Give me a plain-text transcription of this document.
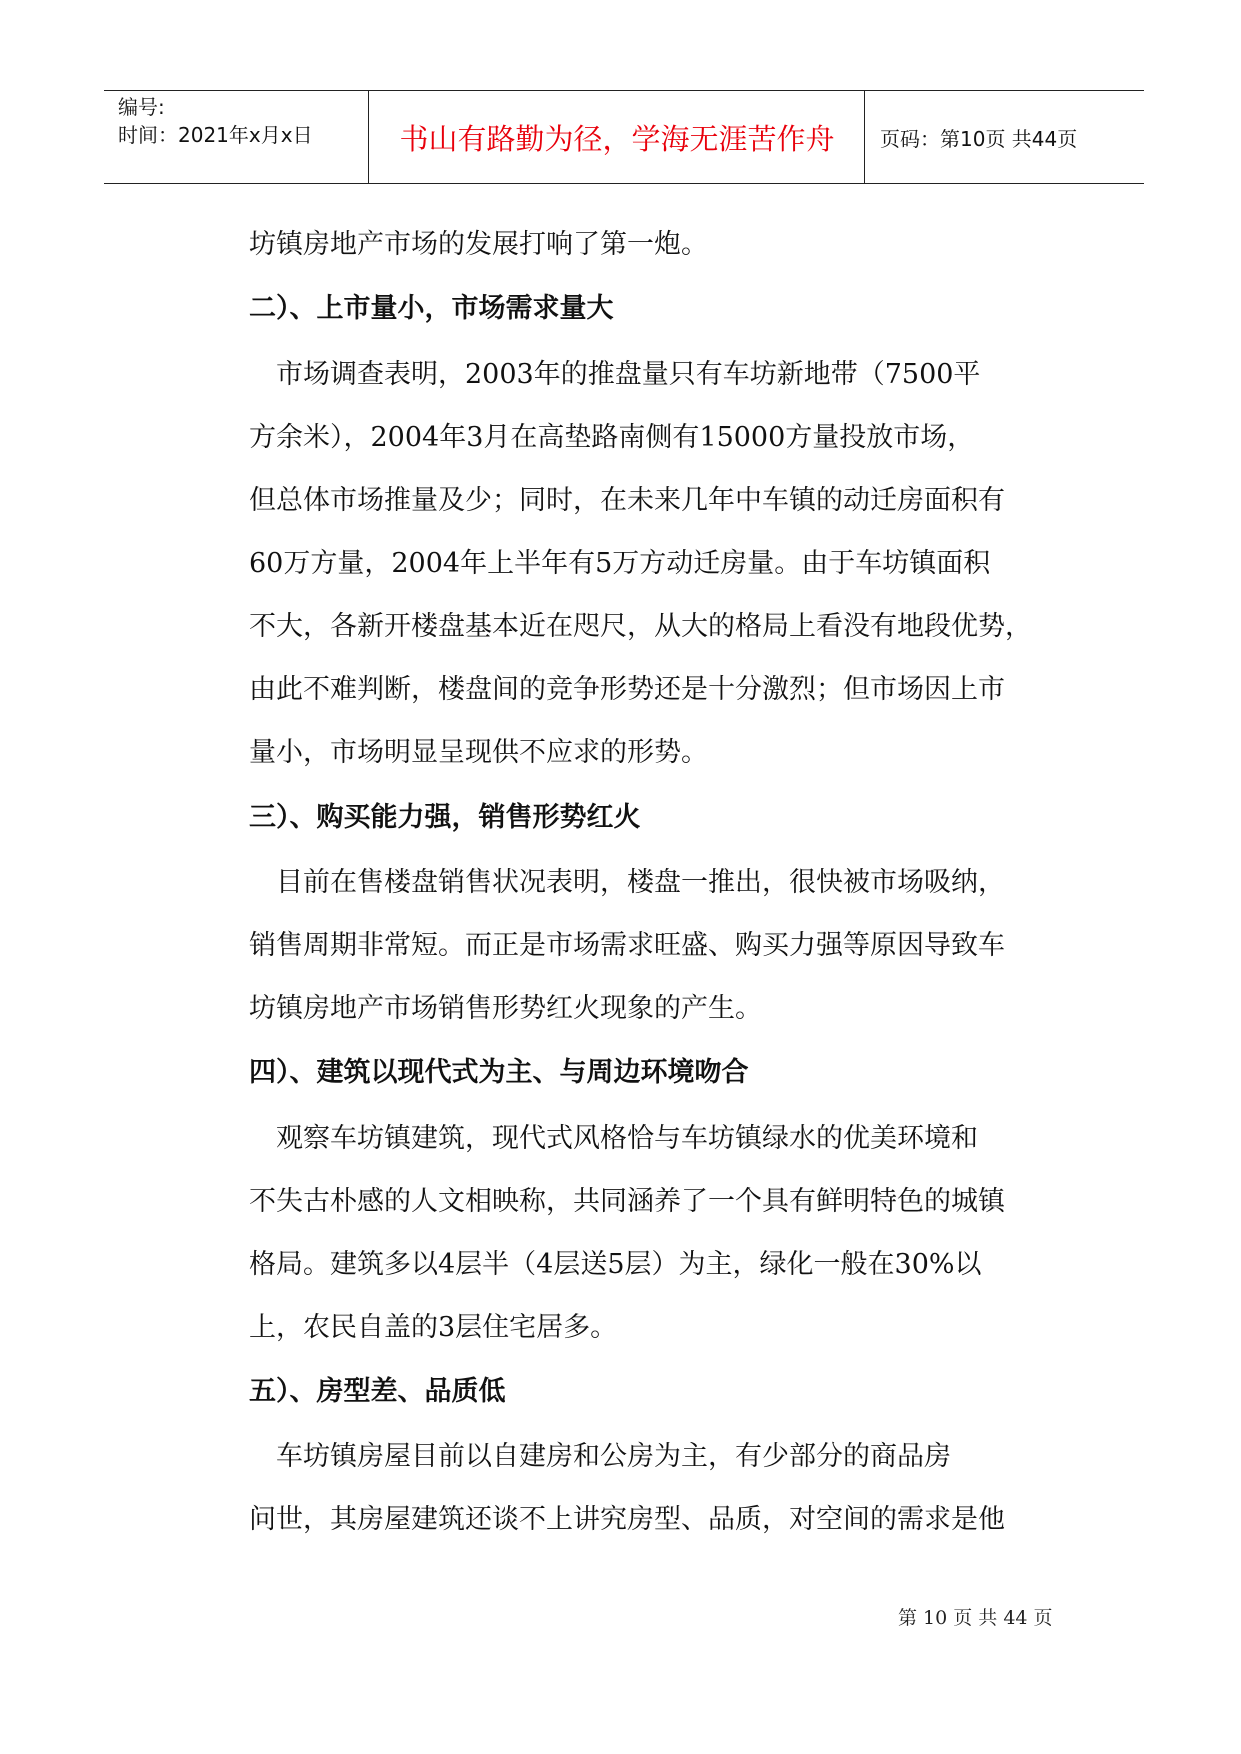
编号:
时间：2021年x月x日	书山有路勤为径，学海无涯苦作舟	页码：第10页 共44页
坊镇房地产市场的发展打响了第一炮。
二）、上市量小，市场需求量大
　市场调查表明，2003年的推盘量只有车坊新地带（7500平
方余米），2004年3月在高垫路南侧有15000方量投放市场，
但总体市场推量及少；同时，在未来几年中车镇的动迁房面积有
60万方量，2004年上半年有5万方动迁房量。由于车坊镇面积
不大，各新开楼盘基本近在咫尺，从大的格局上看没有地段优势，
由此不难判断，楼盘间的竞争形势还是十分激烈；但市场因上市
量小，市场明显呈现供不应求的形势。
三）、购买能力强，销售形势红火
　目前在售楼盘销售状况表明，楼盘一推出，很快被市场吸纳，
销售周期非常短。而正是市场需求旺盛、购买力强等原因导致车
坊镇房地产市场销售形势红火现象的产生。
四）、建筑以现代式为主、与周边环境吻合
　观察车坊镇建筑，现代式风格恰与车坊镇绿水的优美环境和
不失古朴感的人文相映称，共同涵养了一个具有鲜明特色的城镇
格局。建筑多以4层半（4层送5层）为主，绿化一般在30%以
上，农民自盖的3层住宅居多。
五）、房型差、品质低
　车坊镇房屋目前以自建房和公房为主，有少部分的商品房
问世，其房屋建筑还谈不上讲究房型、品质，对空间的需求是他
第 10 页 共 44 页
